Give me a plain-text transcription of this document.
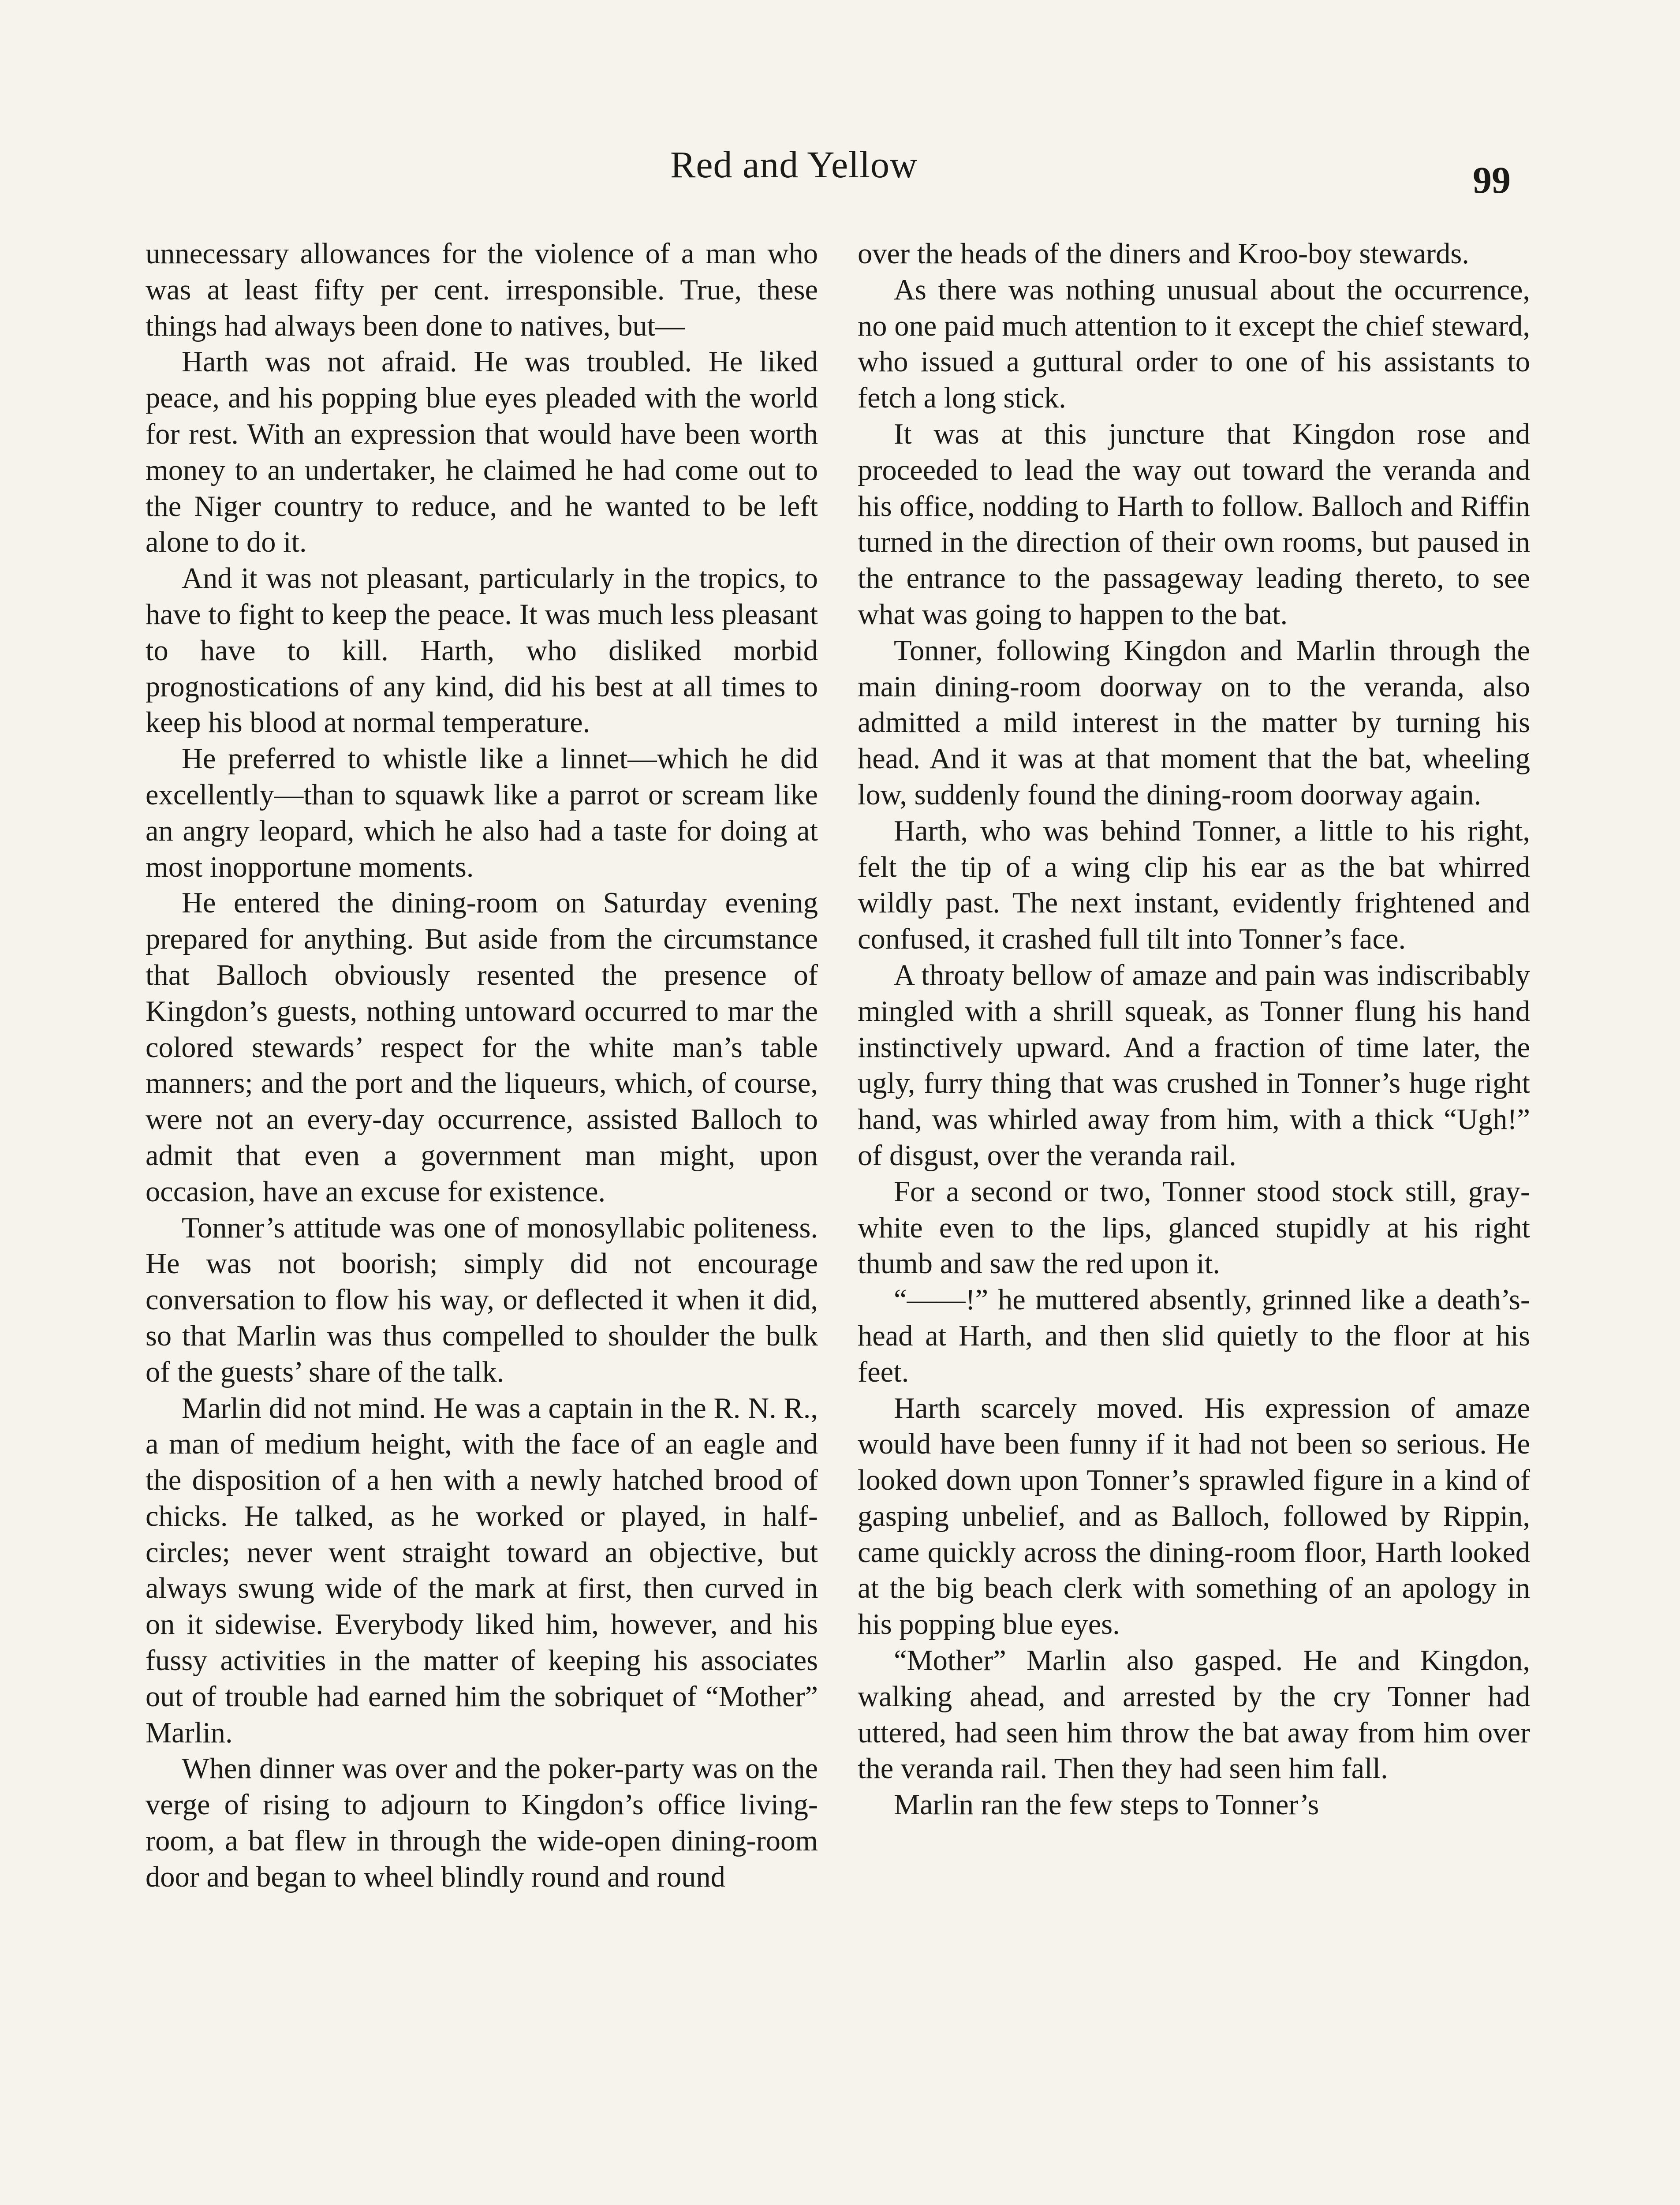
Red and Yellow	99

unnecessary allowances for the violence of a man who was at least fifty per cent. irresponsible. True, these things had always been done to natives, but—

Harth was not afraid. He was troubled. He liked peace, and his popping blue eyes pleaded with the world for rest. With an expression that would have been worth money to an undertaker, he claimed he had come out to the Niger country to reduce, and he wanted to be left alone to do it.

And it was not pleasant, particularly in the tropics, to have to fight to keep the peace. It was much less pleasant to have to kill. Harth, who disliked morbid prognostications of any kind, did his best at all times to keep his blood at normal temperature.

He preferred to whistle like a linnet—which he did excellently—than to squawk like a parrot or scream like an angry leopard, which he also had a taste for doing at most inopportune moments.

He entered the dining-room on Saturday evening prepared for anything. But aside from the circumstance that Balloch obviously resented the presence of Kingdon’s guests, nothing untoward occurred to mar the colored stewards’ respect for the white man’s table manners; and the port and the liqueurs, which, of course, were not an every-day occurrence, assisted Balloch to admit that even a government man might, upon occasion, have an excuse for existence.

Tonner’s attitude was one of monosyllabic politeness. He was not boorish; simply did not encourage conversation to flow his way, or deflected it when it did, so that Marlin was thus compelled to shoulder the bulk of the guests’ share of the talk.

Marlin did not mind. He was a captain in the R. N. R., a man of medium height, with the face of an eagle and the disposition of a hen with a newly hatched brood of chicks. He talked, as he worked or played, in half-circles; never went straight toward an objective, but always swung wide of the mark at first, then curved in on it sidewise. Everybody liked him, however, and his fussy activities in the matter of keeping his associates out of trouble had earned him the sobriquet of “Mother” Marlin.

When dinner was over and the poker-party was on the verge of rising to adjourn to Kingdon’s office living-room, a bat flew in through the wide-open dining-room door and began to wheel blindly round and round

over the heads of the diners and Kroo-boy stewards.

As there was nothing unusual about the occurrence, no one paid much attention to it except the chief steward, who issued a guttural order to one of his assistants to fetch a long stick.

It was at this juncture that Kingdon rose and proceeded to lead the way out toward the veranda and his office, nodding to Harth to follow. Balloch and Riffin turned in the direction of their own rooms, but paused in the entrance to the passageway leading thereto, to see what was going to happen to the bat.

Tonner, following Kingdon and Marlin through the main dining-room doorway on to the veranda, also admitted a mild interest in the matter by turning his head. And it was at that moment that the bat, wheeling low, suddenly found the dining-room doorway again.

Harth, who was behind Tonner, a little to his right, felt the tip of a wing clip his ear as the bat whirred wildly past. The next instant, evidently frightened and confused, it crashed full tilt into Tonner’s face.

A throaty bellow of amaze and pain was indiscribably mingled with a shrill squeak, as Tonner flung his hand instinctively upward. And a fraction of time later, the ugly, furry thing that was crushed in Tonner’s huge right hand, was whirled away from him, with a thick “Ugh!” of disgust, over the veranda rail.

For a second or two, Tonner stood stock still, gray-white even to the lips, glanced stupidly at his right thumb and saw the red upon it.

“——!” he muttered absently, grinned like a death’s-head at Harth, and then slid quietly to the floor at his feet.

Harth scarcely moved. His expression of amaze would have been funny if it had not been so serious. He looked down upon Tonner’s sprawled figure in a kind of gasping unbelief, and as Balloch, followed by Rippin, came quickly across the dining-room floor, Harth looked at the big beach clerk with something of an apology in his popping blue eyes.

“Mother” Marlin also gasped. He and Kingdon, walking ahead, and arrested by the cry Tonner had uttered, had seen him throw the bat away from him over the veranda rail. Then they had seen him fall.

Marlin ran the few steps to Tonner’s
